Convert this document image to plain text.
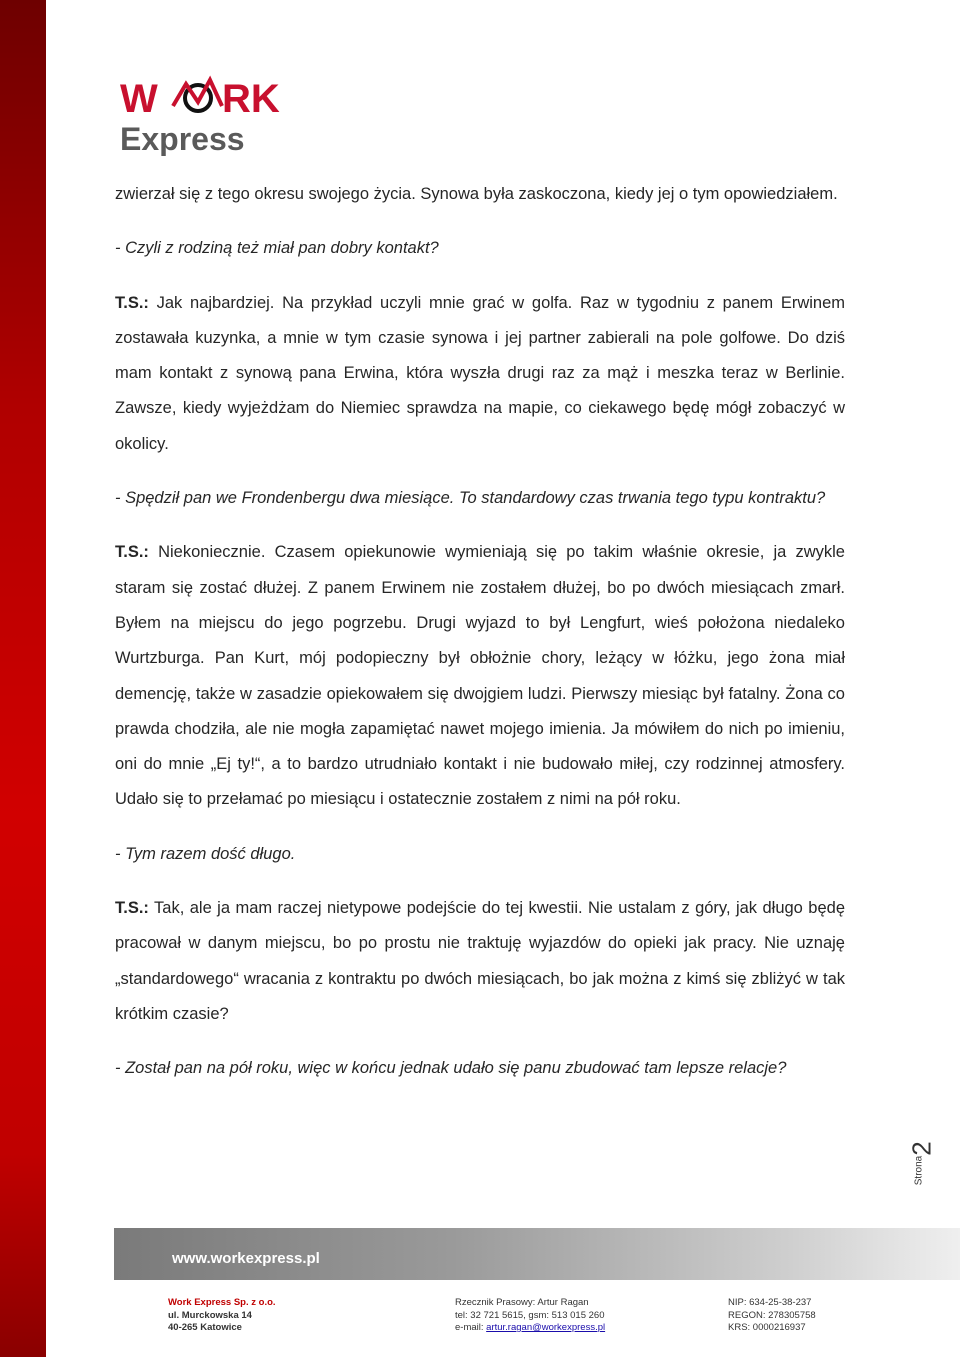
W RK
Express

zwierzał się z tego okresu swojego życia. Synowa była zaskoczona, kiedy jej o tym opowiedziałem.

- Czyli z rodziną też miał pan dobry kontakt?

T.S.: Jak najbardziej. Na przykład uczyli mnie grać w golfa. Raz w tygodniu z panem Erwinem zostawała kuzynka, a mnie w tym czasie synowa i jej partner zabierali na pole golfowe. Do dziś mam kontakt z synową pana Erwina, która wyszła drugi raz za mąż i meszka teraz w Berlinie. Zawsze, kiedy wyjeżdżam do Niemiec sprawdza na mapie, co ciekawego będę mógł zobaczyć w okolicy.

- Spędził pan we Frondenbergu dwa miesiące. To standardowy czas trwania tego typu kontraktu?

T.S.: Niekoniecznie. Czasem opiekunowie wymieniają się po takim właśnie okresie, ja zwykle staram się zostać dłużej. Z panem Erwinem nie zostałem dłużej, bo po dwóch miesiącach zmarł. Byłem na miejscu do jego pogrzebu. Drugi wyjazd to był Lengfurt, wieś położona niedaleko Wurtzburga. Pan Kurt, mój podopieczny był obłożnie chory, leżący w łóżku, jego żona miał demencję, także w zasadzie opiekowałem się dwojgiem ludzi. Pierwszy miesiąc był fatalny. Żona co prawda chodziła, ale nie mogła zapamiętać nawet mojego imienia. Ja mówiłem do nich po imieniu, oni do mnie „Ej ty!“, a to bardzo utrudniało kontakt i nie budowało miłej, czy rodzinnej atmosfery. Udało się to przełamać po miesiącu i ostatecznie zostałem z nimi na pół roku.

- Tym razem dość długo.

T.S.: Tak, ale ja mam raczej nietypowe podejście do tej kwestii. Nie ustalam z góry, jak długo będę pracował w danym miejscu, bo po prostu nie traktuję wyjazdów do opieki jak pracy. Nie uznaję „standardowego“ wracania z kontraktu po dwóch miesiącach, bo jak można z kimś się zbliżyć w tak krótkim czasie?

- Został pan na pół roku, więc w końcu jednak udało się panu zbudować tam lepsze relacje?

2
Strona
www.workexpress.pl
Work Express Sp. z o.o.
ul. Murckowska 14
40-265 Katowice
Rzecznik Prasowy: Artur Ragan
tel: 32 721 5615, gsm: 513 015 260
e-mail: artur.ragan@workexpress.pl
NIP: 634-25-38-237
REGON: 278305758
KRS: 0000216937
